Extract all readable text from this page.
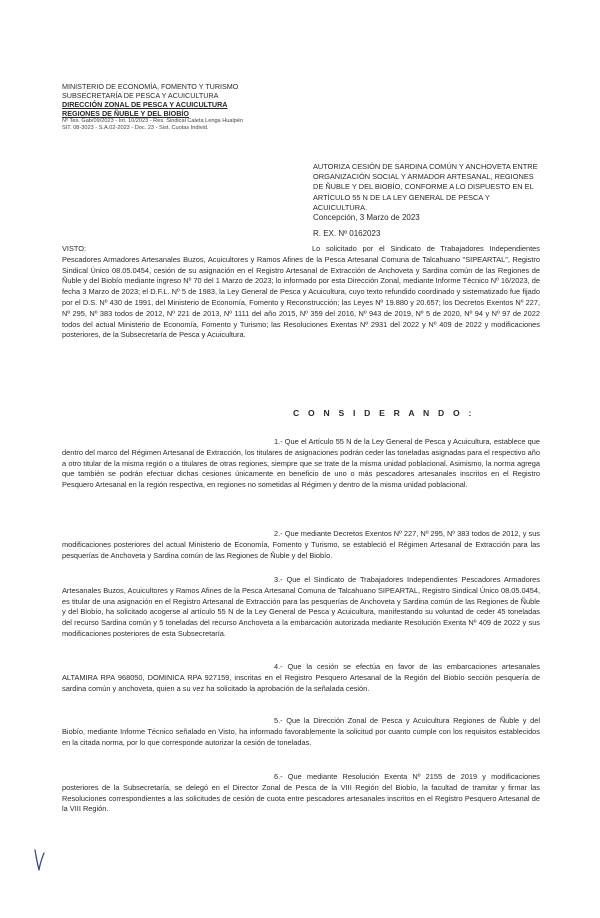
MINISTERIO DE ECONOMÍA, FOMENTO Y TURISMO
SUBSECRETARÍA DE PESCA Y ACUICULTURA
DIRECCIÓN ZONAL DE PESCA Y ACUICULTURA
REGIONES DE ÑUBLE Y DEL BIOBÍO
Nº Tes. Gab/09/2023 - Int. 10/2023 - Res. Sindical Caleta Lenga Hualpén
SIT. 08-3023 - S.A.02-2023 - Doc. 23 - Sist. Cuotas Individ.
AUTORIZA CESIÓN DE SARDINA COMÚN Y ANCHOVETA ENTRE ORGANIZACIÓN SOCIAL Y ARMADOR ARTESANAL, REGIONES DE ÑUBLE Y DEL BIOBÍO, CONFORME A LO DISPUESTO EN EL ARTÍCULO 55 N DE LA LEY GENERAL DE PESCA Y ACUICULTURA.
Concepción, 3 Marzo de 2023
R. EX. Nº 0162023
VISTO:	Lo solicitado por el Sindicato de Trabajadores Independientes Pescadores Armadores Artesanales Buzos, Acuicultores y Ramos Afines de la Pesca Artesanal Comuna de Talcahuano "SIPEARTAL", Registro Sindical Único 08.05.0454, cesión de su asignación en el Registro Artesanal de Extracción de Anchoveta y Sardina común de las Regiones de Ñuble y del Biobío mediante ingreso Nº 70 del 1 Marzo de 2023; lo informado por esta Dirección Zonal, mediante Informe Técnico Nº 16/2023, de fecha 3 Marzo de 2023; el D.F.L. Nº 5 de 1983, la Ley General de Pesca y Acuicultura, cuyo texto refundido coordinado y sistematizado fue fijado por el D.S. Nº 430 de 1991, del Ministerio de Economía, Fomento y Reconstrucción; las Leyes Nº 19.880 y 20.657; los Decretos Exentos Nº 227, Nº 295, Nº 383 todos de 2012, Nº 221 de 2013, Nº 1111 del año 2015, Nº 359 del 2016, Nº 943 de 2019, Nº 5 de 2020, Nº 94 y Nº 97 de 2022 todos del actual Ministerio de Economía, Fomento y Turismo; las Resoluciones Exentas Nº 2931 del 2022 y Nº 409 de 2022 y modificaciones posteriores, de la Subsecretaría de Pesca y Acuicultura.
C O N S I D E R A N D O :
1.- Que el Artículo 55 N de la Ley General de Pesca y Acuicultura, establece que dentro del marco del Régimen Artesanal de Extracción, los titulares de asignaciones podrán ceder las toneladas asignadas para el respectivo año a otro titular de la misma región o a titulares de otras regiones, siempre que se trate de la misma unidad poblacional. Asimismo, la norma agrega que también se podrán efectuar dichas cesiones únicamente en beneficio de uno o más pescadores artesanales inscritos en el Registro Pesquero Artesanal en la región respectiva, en regiones no sometidas al Régimen y dentro de la misma unidad poblacional.
2.- Que mediante Decretos Exentos Nº 227, Nº 295, Nº 383 todos de 2012, y sus modificaciones posteriores del actual Ministerio de Economía, Fomento y Turismo, se estableció el Régimen Artesanal de Extracción para las pesquerías de Anchoveta y Sardina común de las Regiones de Ñuble y del Biobío.
3.- Que el Sindicato de Trabajadores Independientes Pescadores Armadores Artesanales Buzos, Acuicultores y Ramos Afines de la Pesca Artesanal Comuna de Talcahuano SIPEARTAL, Registro Sindical Único 08.05.0454, es titular de una asignación en el Registro Artesanal de Extracción para las pesquerías de Anchoveta y Sardina común de las Regiones de Ñuble y del Biobío, ha solicitado acogerse al artículo 55 N de la Ley General de Pesca y Acuicultura, manifestando su voluntad de ceder 45 toneladas del recurso Sardina común y 5 toneladas del recurso Anchoveta a la embarcación autorizada mediante Resolución Exenta Nº 409 de 2022 y sus modificaciones posteriores de esta Subsecretaría.
4.- Que la cesión se efectúa en favor de las embarcaciones artesanales ALTAMIRA RPA 968050, DOMINICA RPA 927159, inscritas en el Registro Pesquero Artesanal de la Región del Biobío sección pesquería de sardina común y anchoveta, quien a su vez ha solicitado la aprobación de la señalada cesión.
5.- Que la Dirección Zonal de Pesca y Acuicultura Regiones de Ñuble y del Biobío, mediante Informe Técnico señalado en Visto, ha informado favorablemente la solicitud por cuanto cumple con los requisitos establecidos en la citada norma, por lo que corresponde autorizar la cesión de toneladas.
6.- Que mediante Resolución Exenta Nº 2155 de 2019 y modificaciones posteriores de la Subsecretaría, se delegó en el Director Zonal de Pesca de la VIII Región del Biobío, la facultad de tramitar y firmar las Resoluciones correspondientes a las solicitudes de cesión de cuota entre pescadores artesanales inscritos en el Registro Pesquero Artesanal de la VIII Región.
